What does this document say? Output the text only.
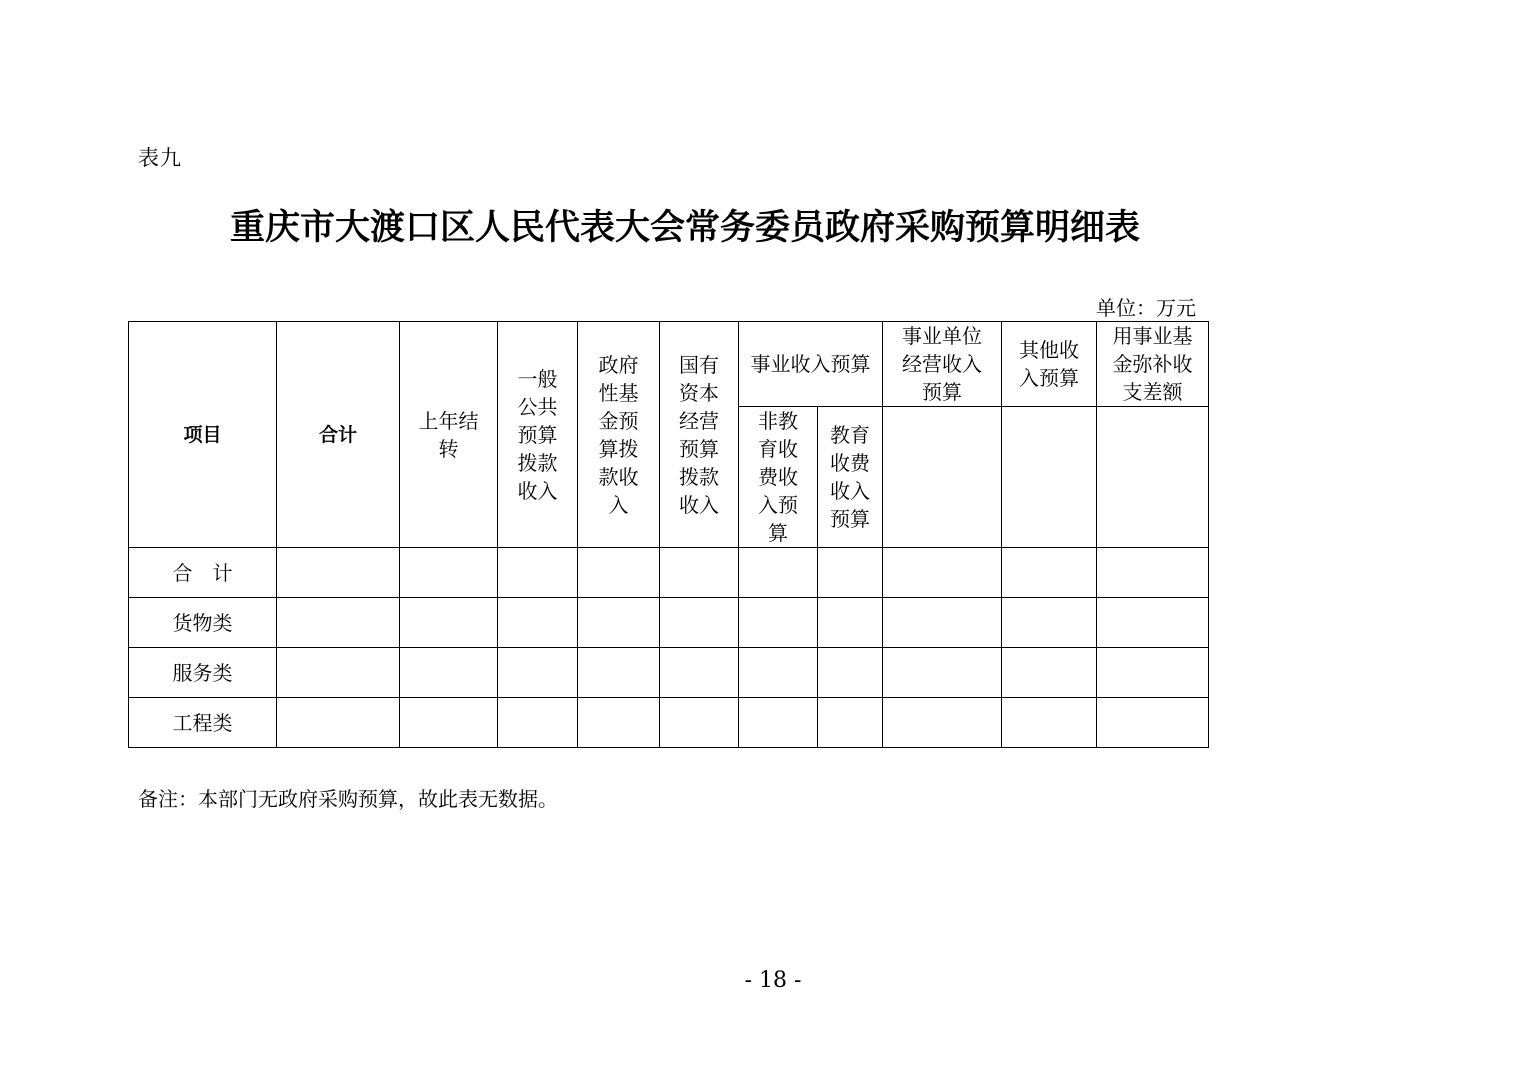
表九
重庆市大渡口区人民代表大会常务委员政府采购预算明细表
单位：万元
项目	合计	上年结转	一般公共预算拨款收入	政府性基金预算拨款收入	国有资本经营预算拨款收入	事业收入预算		事业单位经营收入预算	其他收入预算	用事业基金弥补收支差额

						非教育收费收入预算	教育收费收入预算			

合　计										
货物类										
服务类										
工程类										
备注：本部门无政府采购预算，故此表无数据。
- 18 -
